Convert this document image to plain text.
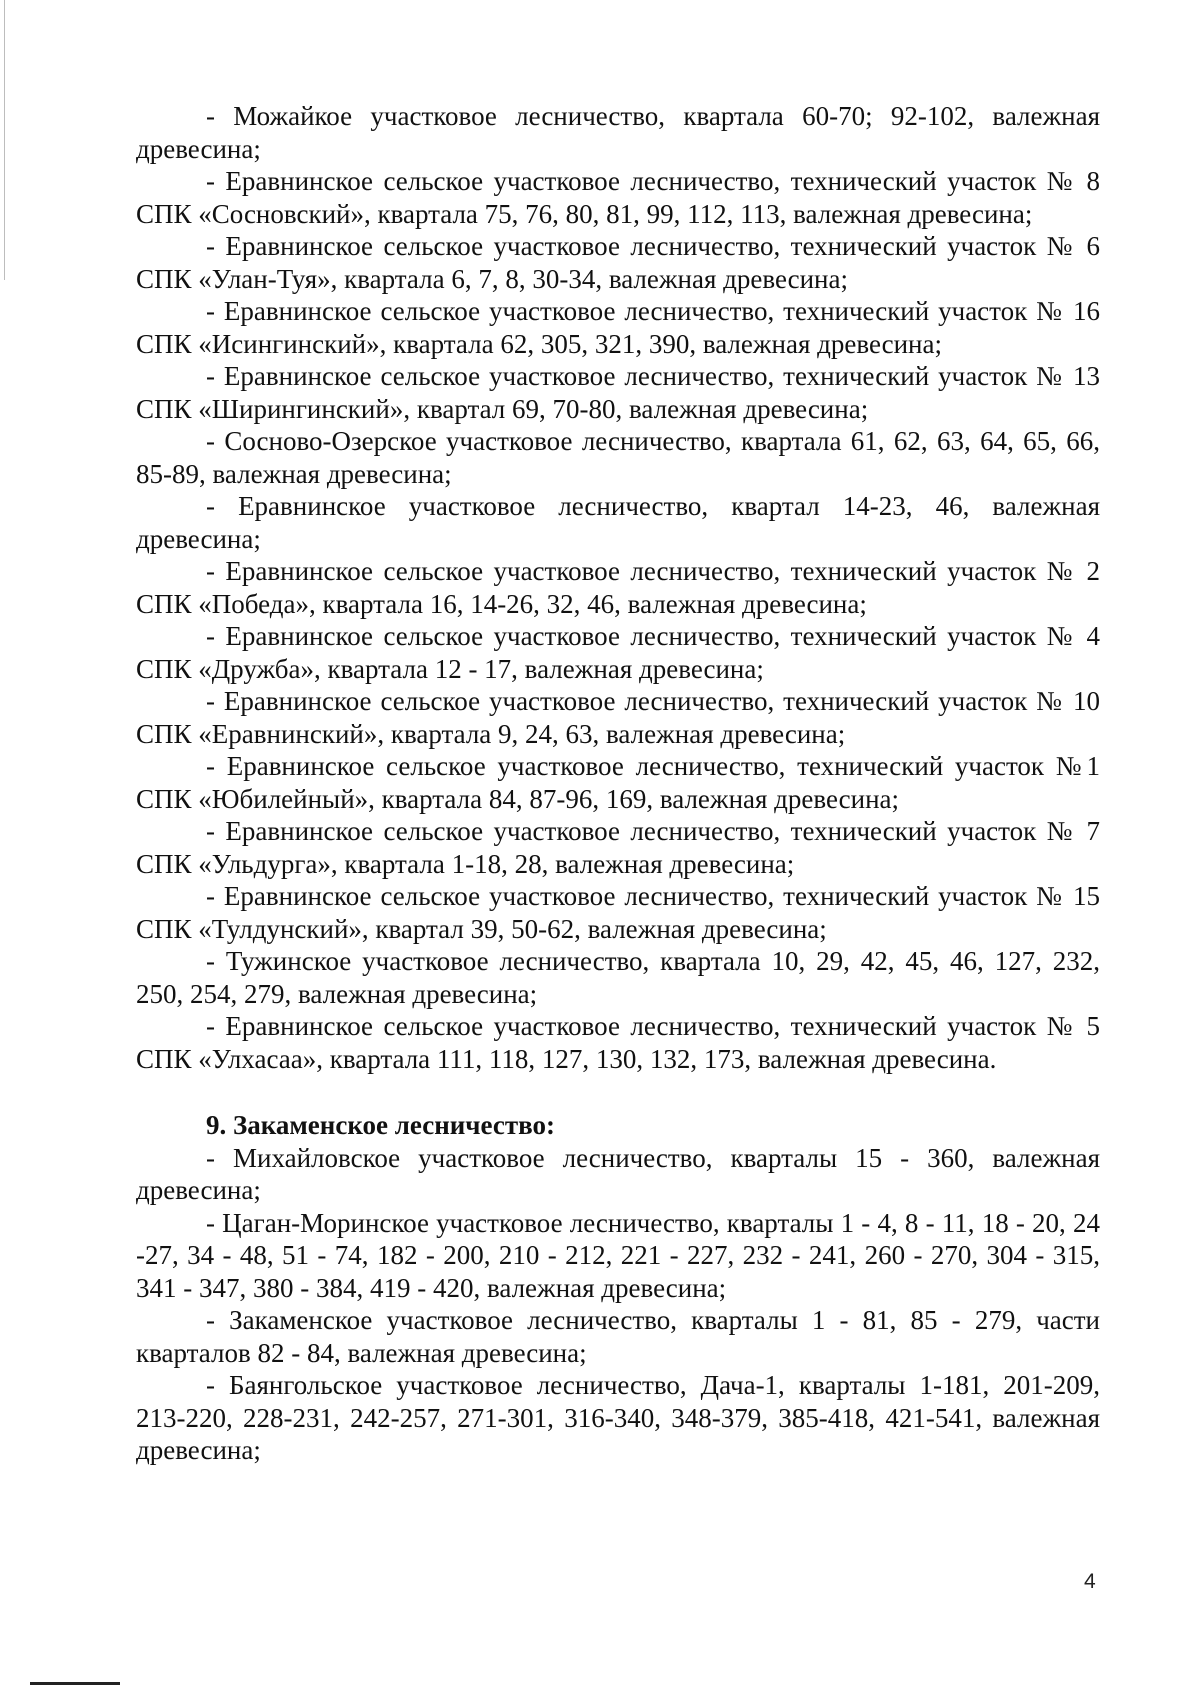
- Можайкое участковое лесничество, квартала 60-70; 92-102, валежная древесина;

- Еравнинское сельское участковое лесничество, технический участок № 8 СПК «Сосновский», квартала 75, 76, 80, 81, 99, 112, 113, валежная древесина;

- Еравнинское сельское участковое лесничество, технический участок № 6 СПК «Улан-Туя», квартала 6, 7, 8, 30-34, валежная древесина;

- Еравнинское сельское участковое лесничество, технический участок № 16 СПК «Исингинский», квартала 62, 305, 321, 390, валежная древесина;

- Еравнинское сельское участковое лесничество, технический участок № 13 СПК «Ширингинский», квартал 69, 70-80, валежная древесина;

- Сосново-Озерское участковое лесничество, квартала 61, 62, 63, 64, 65, 66, 85-89, валежная древесина;

- Еравнинское участковое лесничество, квартал 14-23, 46, валежная древесина;

- Еравнинское сельское участковое лесничество, технический участок № 2 СПК «Победа», квартала 16, 14-26, 32, 46, валежная древесина;

- Еравнинское сельское участковое лесничество, технический участок № 4 СПК «Дружба», квартала 12 - 17, валежная древесина;

- Еравнинское сельское участковое лесничество, технический участок № 10 СПК «Еравнинский», квартала 9, 24, 63, валежная древесина;

- Еравнинское сельское участковое лесничество, технический участок №1 СПК «Юбилейный», квартала 84, 87-96, 169, валежная древесина;

- Еравнинское сельское участковое лесничество, технический участок № 7 СПК «Ульдурга», квартала 1-18, 28, валежная древесина;

- Еравнинское сельское участковое лесничество, технический участок № 15 СПК «Тулдунский», квартал 39, 50-62, валежная древесина;

- Тужинское участковое лесничество, квартала 10, 29, 42, 45, 46, 127, 232, 250, 254, 279, валежная древесина;

- Еравнинское сельское участковое лесничество, технический участок № 5 СПК «Улхасаа», квартала 111, 118, 127, 130, 132, 173, валежная древесина.

9. Закаменское лесничество:

- Михайловское участковое лесничество, кварталы 15 - 360, валежная древесина;

- Цаган-Моринское участковое лесничество, кварталы 1 - 4, 8 - 11, 18 - 20, 24 -27, 34 - 48, 51 - 74, 182 - 200, 210 - 212, 221 - 227, 232 - 241, 260 - 270, 304 - 315, 341 - 347, 380 - 384, 419 - 420, валежная древесина;

- Закаменское участковое лесничество, кварталы 1 - 81, 85 - 279, части кварталов 82 - 84, валежная древесина;

- Баянгольское участковое лесничество, Дача-1, кварталы 1-181, 201-209, 213-220, 228-231, 242-257, 271-301, 316-340, 348-379, 385-418, 421-541, валежная древесина;

4
